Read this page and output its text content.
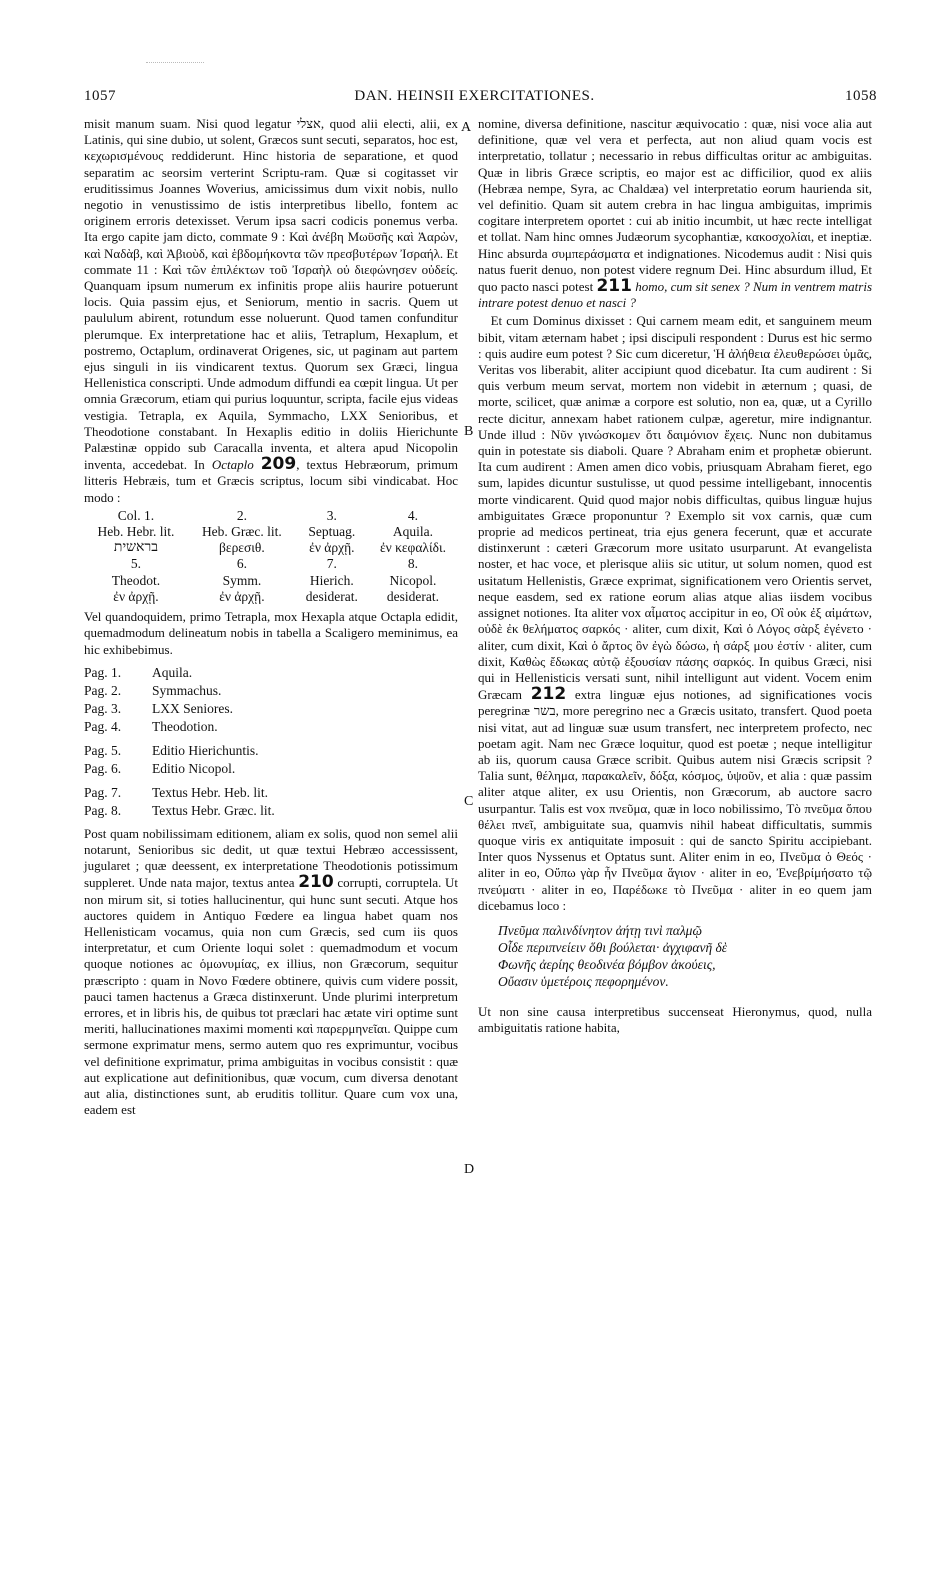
1057	DAN. HEINSII EXERCITATIONES.	1058
A
B
C
D

misit manum suam. Nisi quod legatur אצלי, quod alii electi, alii, ex Latinis, qui sine dubio, ut solent, Græcos sunt secuti, separatos, hoc est, κεχωρισμένους reddiderunt. Hinc historia de separatione, et quod separatim ac seorsim verterint Scriptu-ram. Quæ si cogitasset vir eruditissimus Joannes Woverius, amicissimus dum vixit nobis, nullo negotio in venustissimo de istis interpretibus libello, fontem ac originem erroris detexisset. Verum ipsa sacri codicis ponemus verba. Ita ergo capite jam dicto, commate 9 : Καὶ ἀνέβη Μωϋσῆς καὶ Ἀαρὼν, καὶ Ναδὰβ, καὶ Ἀβιοὺδ, καὶ ἑβδομήκοντα τῶν πρεσβυτέρων Ἰσραήλ. Et commate 11 : Καὶ τῶν ἐπιλέκτων τοῦ Ἰσραὴλ οὐ διεφώνησεν οὐδείς. Quanquam ipsum numerum ex infinitis prope aliis haurire potuerunt locis. Quia passim ejus, et Seniorum, mentio in sacris. Quem ut paululum abirent, rotundum esse noluerunt. Quod tamen confunditur plerumque. Ex interpretatione hac et aliis, Tetraplum, Hexaplum, et postremo, Octaplum, ordinaverat Origenes, sic, ut paginam aut partem ejus singuli in iis vindicarent textus. Quorum sex Græci, lingua Hellenistica conscripti. Unde admodum diffundi ea cœpit lingua. Ut per omnia Græcorum, etiam qui purius loquuntur, scripta, facile ejus videas vestigia. Tetrapla, ex Aquila, Symmacho, LXX Senioribus, et Theodotione constabant. In Hexaplis editio in doliis Hierichunte Palæstinæ oppido sub Caracalla inventa, et altera apud Nicopolin inventa, accedebat. In Octaplo 209, textus Hebræorum, primum litteris Hebræis, tum et Græcis scriptus, locum sibi vindicabat. Hoc modo :

Col. 1.	2.	3.	4.
Heb. Hebr. lit.	Heb. Græc. lit.	Septuag.	Aquila.
בראשית	βερεσιθ.	ἐν ἀρχῇ.	ἐν κεφαλίδι.
5.	6.	7.	8.
Theodot.	Symm.	Hierich.	Nicopol.
ἐν ἀρχῇ.	ἐν ἀρχῇ.	desiderat.	desiderat.

Vel quandoquidem, primo Tetrapla, mox Hexapla atque Octapla edidit, quemadmodum delineatum nobis in tabella a Scaligero meminimus, ea hic exhibebimus.

Pag. 1.	Aquila.
Pag. 2.	Symmachus.
Pag. 3.	LXX Seniores.
Pag. 4.	Theodotion.
Pag. 5.	Editio Hierichuntis.
Pag. 6.	Editio Nicopol.
Pag. 7.	Textus Hebr. Heb. lit.
Pag. 8.	Textus Hebr. Græc. lit.

Post quam nobilissimam editionem, aliam ex solis, quod non semel alii notarunt, Senioribus sic dedit, ut quæ textui Hebræo accessissent, jugularet ; quæ deessent, ex interpretatione Theodotionis potissimum suppleret. Unde nata major, textus antea 210 corrupti, corruptela. Ut non mirum sit, si toties hallucinentur, qui hunc sunt secuti. Atque hos auctores quidem in Antiquo Fœdere ea lingua habet quam nos Hellenisticam vocamus, quia non cum Græcis, sed cum iis quos interpretatur, et cum Oriente loqui solet : quemadmodum et vocum quoque notiones ac ὁμωνυμίας, ex illius, non Græcorum, sequitur præscripto : quam in Novo Fœdere obtinere, quivis cum videre possit, pauci tamen hactenus a Græca distinxerunt. Unde plurimi interpretum errores, et in libris his, de quibus tot præclari hac ætate viri optime sunt meriti, hallucinationes maximi momenti καὶ παρερμηνεῖαι. Quippe cum sermone exprimatur mens, sermo autem quo res exprimuntur, vocibus vel definitione exprimatur, prima ambiguitas in vocibus consistit : quæ aut explicatione aut definitionibus, quæ vocum, cum diversa denotant aut alia, distinctiones sunt, ab eruditis tollitur. Quare cum vox una, eadem est

nomine, diversa definitione, nascitur æquivocatio : quæ, nisi voce alia aut definitione, quæ vel vera et perfecta, aut non aliud quam vocis est interpretatio, tollatur ; necessario in rebus difficultas oritur ac ambiguitas. Quæ in libris Græce scriptis, eo major est ac difficilior, quod ex aliis (Hebræa nempe, Syra, ac Chaldæa) vel interpretatio eorum haurienda sit, vel definitio. Quam sit autem crebra in hac lingua ambiguitas, imprimis cogitare interpretem oportet : cui ab initio incumbit, ut hæc recte intelligat et tollat. Nam hinc omnes Judæorum sycophantiæ, κακοσχολίαι, et ineptiæ. Hinc absurda συμπεράσματα et indignationes. Nicodemus audit : Nisi quis natus fuerit denuo, non potest videre regnum Dei. Hinc absurdum illud, Et quo pacto nasci potest 211 homo, cum sit senex ? Num in ventrem matris intrare potest denuo et nasci ?

Et cum Dominus dixisset : Qui carnem meam edit, et sanguinem meum bibit, vitam æternam habet ; ipsi discipuli respondent : Durus est hic sermo : quis audire eum potest ? Sic cum diceretur, Ἡ ἀλήθεια ἐλευθερώσει ὑμᾶς, Veritas vos liberabit, aliter accipiunt quod dicebatur. Ita cum audirent : Si quis verbum meum servat, mortem non videbit in æternum ; quasi, de morte, scilicet, quæ animæ a corpore est solutio, non ea, quæ, ut a Cyrillo recte dicitur, annexam habet rationem culpæ, ageretur, mire indignantur. Unde illud : Νῦν γινώσκομεν ὅτι δαιμόνιον ἔχεις. Nunc non dubitamus quin in potestate sis diaboli. Quare ? Abraham enim et prophetæ obierunt. Ita cum audirent : Amen amen dico vobis, priusquam Abraham fieret, ego sum, lapides dicuntur sustulisse, ut quod pessime intelligebant, innocentis morte vindicarent. Quid quod major nobis difficultas, quibus linguæ hujus ambiguitates Græce proponuntur ? Exemplo sit vox carnis, quæ cum proprie ad medicos pertineat, tria ejus genera fecerunt, quæ et accurate distinxerunt : cæteri Græcorum more usitato usurparunt. At evangelista noster, et hac voce, et plerisque aliis sic utitur, ut solum nomen, quod est usitatum Hellenistis, Græce exprimat, significationem vero Orientis servet, neque easdem, sed ex ratione eorum alias atque alias iisdem vocibus assignet notiones. Ita aliter vox αἷματος accipitur in eo, Οἳ οὐκ ἐξ αἱμάτων, οὐδὲ ἐκ θελήματος σαρκός · aliter, cum dixit, Καὶ ὁ Λόγος σὰρξ ἐγένετο · aliter, cum dixit, Καὶ ὁ ἄρτος ὃν ἐγὼ δώσω, ἡ σάρξ μου ἐστίν · aliter, cum dixit, Καθὼς ἔδωκας αὐτῷ ἐξουσίαν πάσης σαρκός. In quibus Græci, nisi qui in Hellenisticis versati sunt, nihil intelligunt aut vident. Vocem enim Græcam 212 extra linguæ ejus notiones, ad significationes vocis peregrinæ בשר, more peregrino nec a Græcis usitato, transfert. Quod poeta nisi vitat, aut ad linguæ suæ usum transfert, nec interpretem profecto, nec poetam agit. Nam nec Græce loquitur, quod est poetæ ; neque intelligitur ab iis, quorum causa Græce scribit. Quibus autem nisi Græcis scripsit ? Talia sunt, θέλημα, παρακαλεῖν, δόξα, κόσμος, ὑψοῦν, et alia : quæ passim aliter atque aliter, ex usu Orientis, non Græcorum, ab auctore sacro usurpantur. Talis est vox πνεῦμα, quæ in loco nobilissimo, Τὸ πνεῦμα ὅπου θέλει πνεῖ, ambiguitate sua, quamvis nihil habeat difficultatis, summis quoque viris ex antiquitate imposuit : qui de sancto Spiritu accipiebant. Inter quos Nyssenus et Optatus sunt. Aliter enim in eo, Πνεῦμα ὁ Θεός · aliter in eo, Οὔπω γὰρ ἦν Πνεῦμα ἅγιον · aliter in eo, Ἐνεβρίμήσατο τῷ πνεύματι · aliter in eo, Παρέδωκε τὸ Πνεῦμα · aliter in eo quem jam dicebamus loco :

Πνεῦμα παλινδίνητον ἀήτῃ τινὶ παλμῷ
Οἶδε περιπνείειν ὅθι βούλεται· ἀγχιφανῆ δὲ
Φωνῆς ἀερίης θεοδινέα βόμβον ἀκούεις,
Οὔασιν ὑμετέροις πεφορημένον.

Ut non sine causa interpretibus succenseat Hieronymus, quod, nulla ambiguitatis ratione habita,
